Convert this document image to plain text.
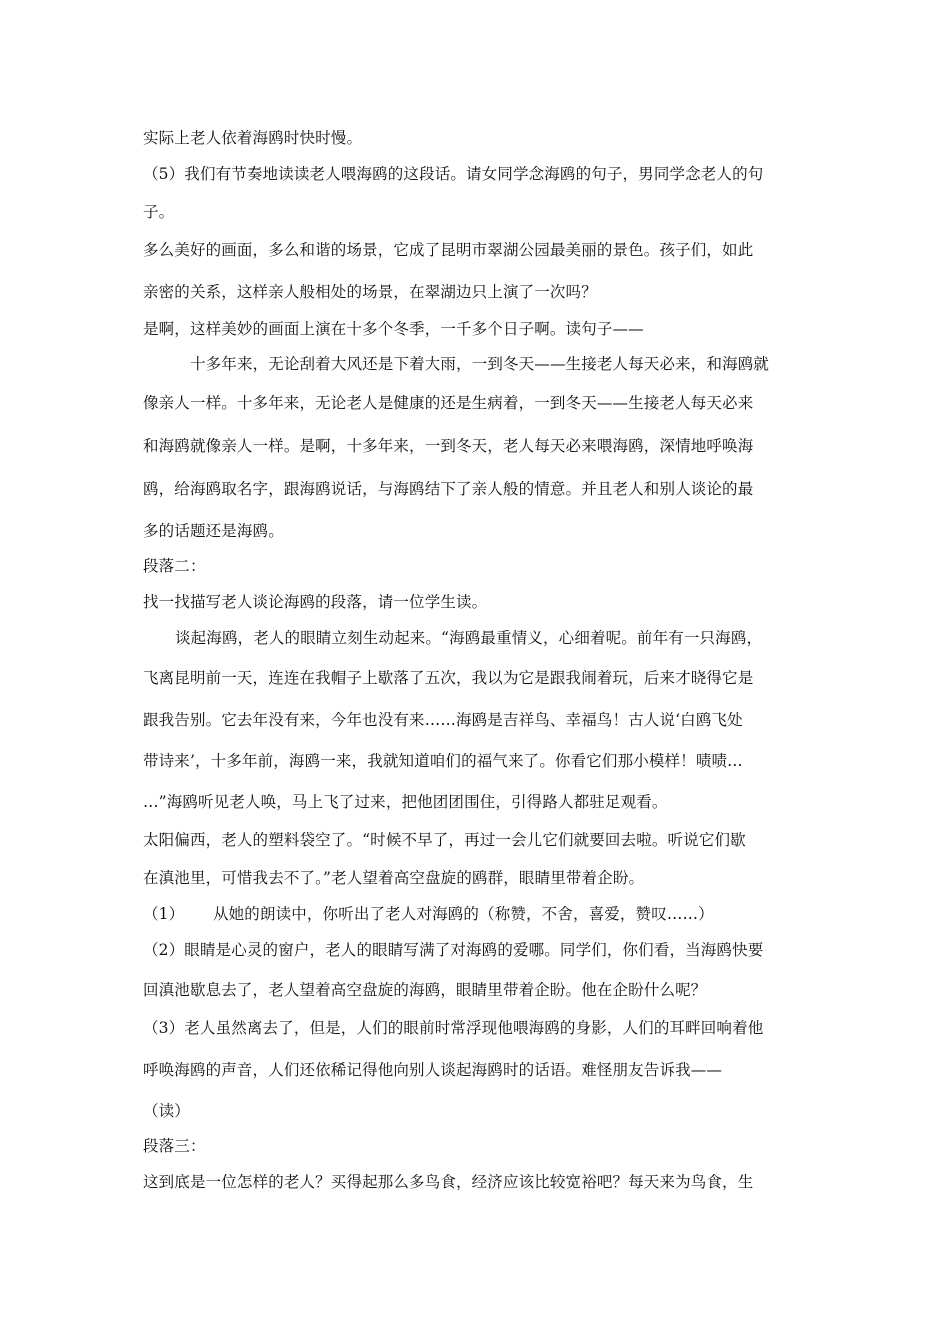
实际上老人依着海鸥时快时慢。
（5）我们有节奏地读读老人喂海鸥的这段话。请女同学念海鸥的句子，男同学念老人的句
子。
多么美好的画面，多么和谐的场景，它成了昆明市翠湖公园最美丽的景色。孩子们，如此
亲密的关系，这样亲人般相处的场景，在翠湖边只上演了一次吗？
是啊，这样美妙的画面上演在十多个冬季，一千多个日子啊。读句子——
十多年来，无论刮着大风还是下着大雨，一到冬天——生接老人每天必来，和海鸥就
像亲人一样。十多年来，无论老人是健康的还是生病着，一到冬天——生接老人每天必来
和海鸥就像亲人一样。是啊，十多年来，一到冬天，老人每天必来喂海鸥，深情地呼唤海
鸥，给海鸥取名字，跟海鸥说话，与海鸥结下了亲人般的情意。并且老人和别人谈论的最
多的话题还是海鸥。
段落二：
找一找描写老人谈论海鸥的段落，请一位学生读。
谈起海鸥，老人的眼睛立刻生动起来。“海鸥最重情义，心细着呢。前年有一只海鸥，
飞离昆明前一天，连连在我帽子上歇落了五次，我以为它是跟我闹着玩，后来才晓得它是
跟我告别。它去年没有来，今年也没有来……海鸥是吉祥鸟、幸福鸟！古人说‘白鸥飞处
带诗来’，十多年前，海鸥一来，我就知道咱们的福气来了。你看它们那小模样！啧啧…
…”海鸥听见老人唤，马上飞了过来，把他团团围住，引得路人都驻足观看。
太阳偏西，老人的塑料袋空了。“时候不早了，再过一会儿它们就要回去啦。听说它们歇
在滇池里，可惜我去不了。”老人望着高空盘旋的鸥群，眼睛里带着企盼。
（1） 从她的朗读中，你听出了老人对海鸥的（称赞，不舍，喜爱，赞叹……）
（2）眼睛是心灵的窗户，老人的眼睛写满了对海鸥的爱哪。同学们，你们看，当海鸥快要
回滇池歇息去了，老人望着高空盘旋的海鸥，眼睛里带着企盼。他在企盼什么呢？
（3）老人虽然离去了，但是，人们的眼前时常浮现他喂海鸥的身影，人们的耳畔回响着他
呼唤海鸥的声音，人们还依稀记得他向别人谈起海鸥时的话语。难怪朋友告诉我——
（读）
段落三：
这到底是一位怎样的老人？买得起那么多鸟食，经济应该比较宽裕吧？每天来为鸟食，生
